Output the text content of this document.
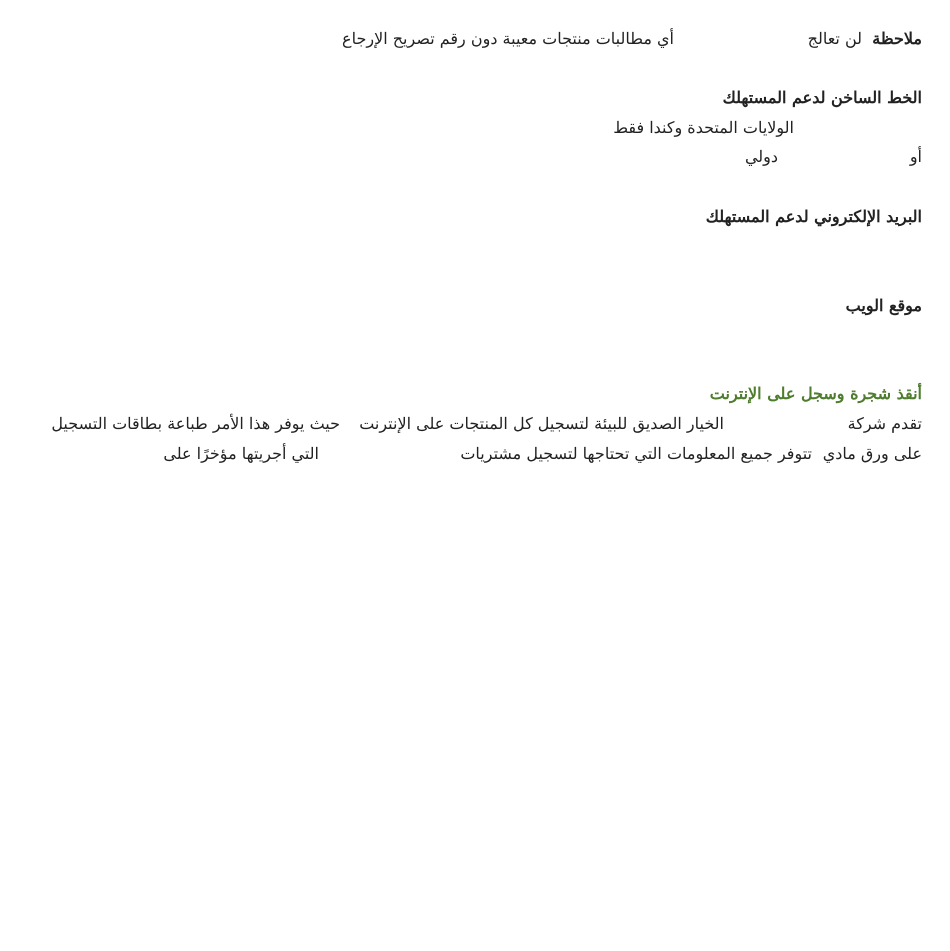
ملاحظة
لن تعالج
أي مطالبات منتجات معيبة دون رقم تصريح الإرجاع
الخط الساخن لدعم المستهلك
الولايات المتحدة وكندا فقط
أو
دولي
البريد الإلكتروني لدعم المستهلك
موقع الويب
أنقذ شجرة وسجل على الإنترنت
تقدم شركة
الخيار الصديق للبيئة لتسجيل كل المنتجات على الإنترنت
حيث يوفر هذا الأمر طباعة بطاقات التسجيل
على ورق مادي
تتوفر جميع المعلومات التي تحتاجها لتسجيل مشتريات
التي أجريتها مؤخرًا على
